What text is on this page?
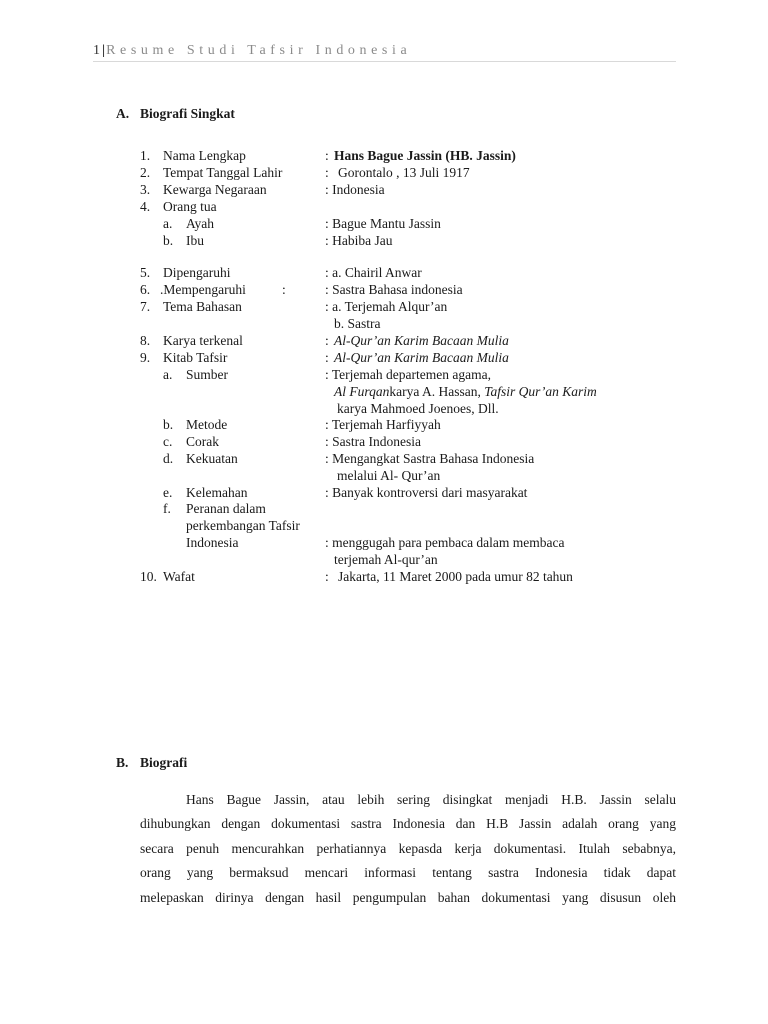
1|Resume Studi Tafsir Indonesia
A. Biografi Singkat
1. Nama Lengkap	: Hans Bague Jassin (HB. Jassin)
2. Tempat Tanggal Lahir	: Gorontalo , 13 Juli 1917
3. Kewarga Negaraan	: Indonesia
4. Orang tua
a. Ayah	: Bague Mantu Jassin
b. Ibu	: Habiba Jau
5. Dipengaruhi	: a. Chairil Anwar
6. .Mempengaruhi	:	: Sastra Bahasa indonesia
7. Tema Bahasan	: a. Terjemah Alqur’an
b. Sastra
8. Karya terkenal	: Al-Qur’an Karim Bacaan Mulia
9. Kitab Tafsir	: Al-Qur’an Karim Bacaan Mulia
a. Sumber	: Terjemah departemen agama,
Al Furqankarya A. Hassan, Tafsir Qur’an Karim
karya Mahmoed Joenoes, Dll.
b. Metode	: Terjemah Harfiyyah
c. Corak	: Sastra Indonesia
d. Kekuatan	: Mengangkat Sastra Bahasa Indonesia
melalui Al- Qur’an
e. Kelemahan	: Banyak kontroversi dari masyarakat
f. Peranan dalam
perkembangan Tafsir
Indonesia	: menggugah para pembaca dalam membaca
terjemah Al-qur’an
10. Wafat	: Jakarta, 11 Maret 2000 pada umur 82 tahun
B. Biografi
Hans Bague Jassin, atau lebih sering disingkat menjadi H.B. Jassin selalu
dihubungkan dengan dokumentasi sastra Indonesia dan H.B Jassin adalah orang yang
secara penuh mencurahkan perhatiannya kepasda kerja dokumentasi. Itulah sebabnya,
orang yang bermaksud mencari informasi tentang sastra Indonesia tidak dapat
melepaskan dirinya dengan hasil pengumpulan bahan dokumentasi yang disusun oleh
